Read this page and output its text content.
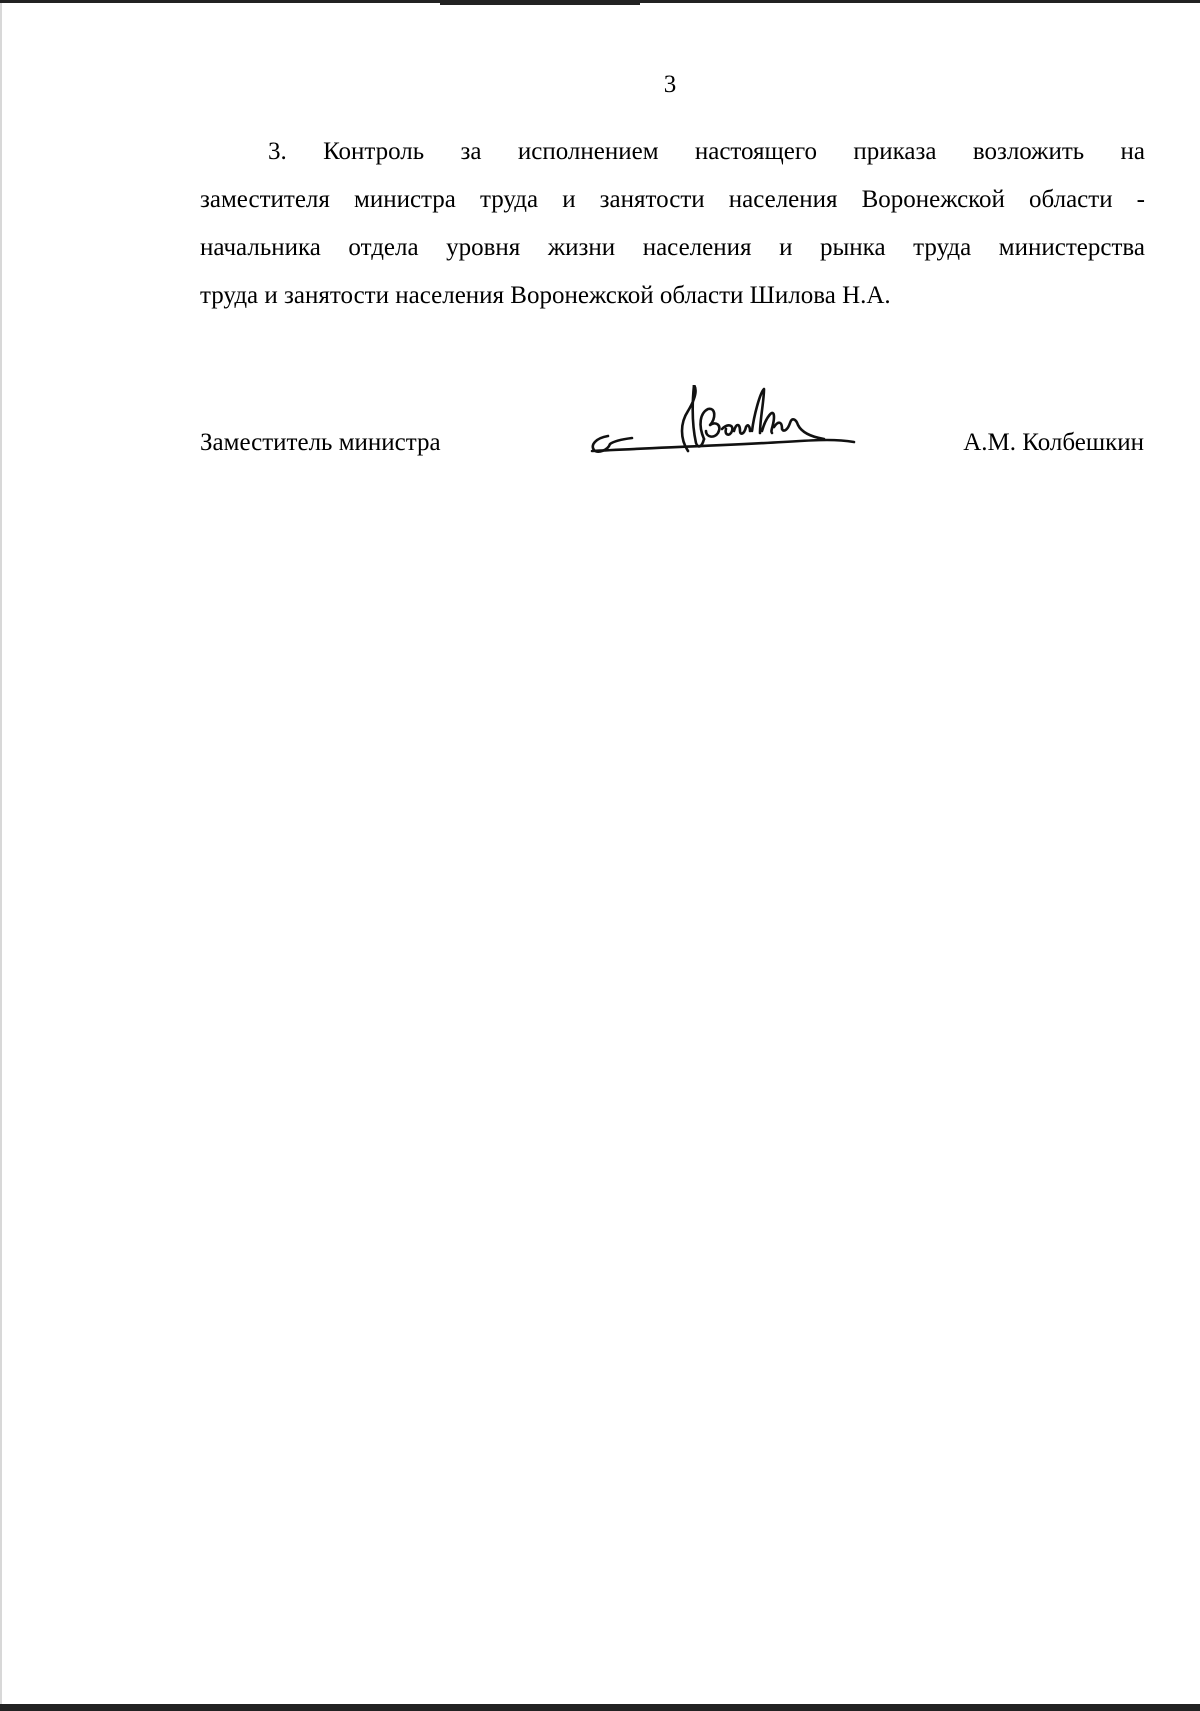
3
3. Контроль за исполнением настоящего приказа возложить на
заместителя министра труда и занятости населения Воронежской области -
начальника отдела уровня жизни населения и рынка труда министерства
труда и занятости населения Воронежской области Шилова Н.А.
Заместитель министра	А.М. Колбешкин
